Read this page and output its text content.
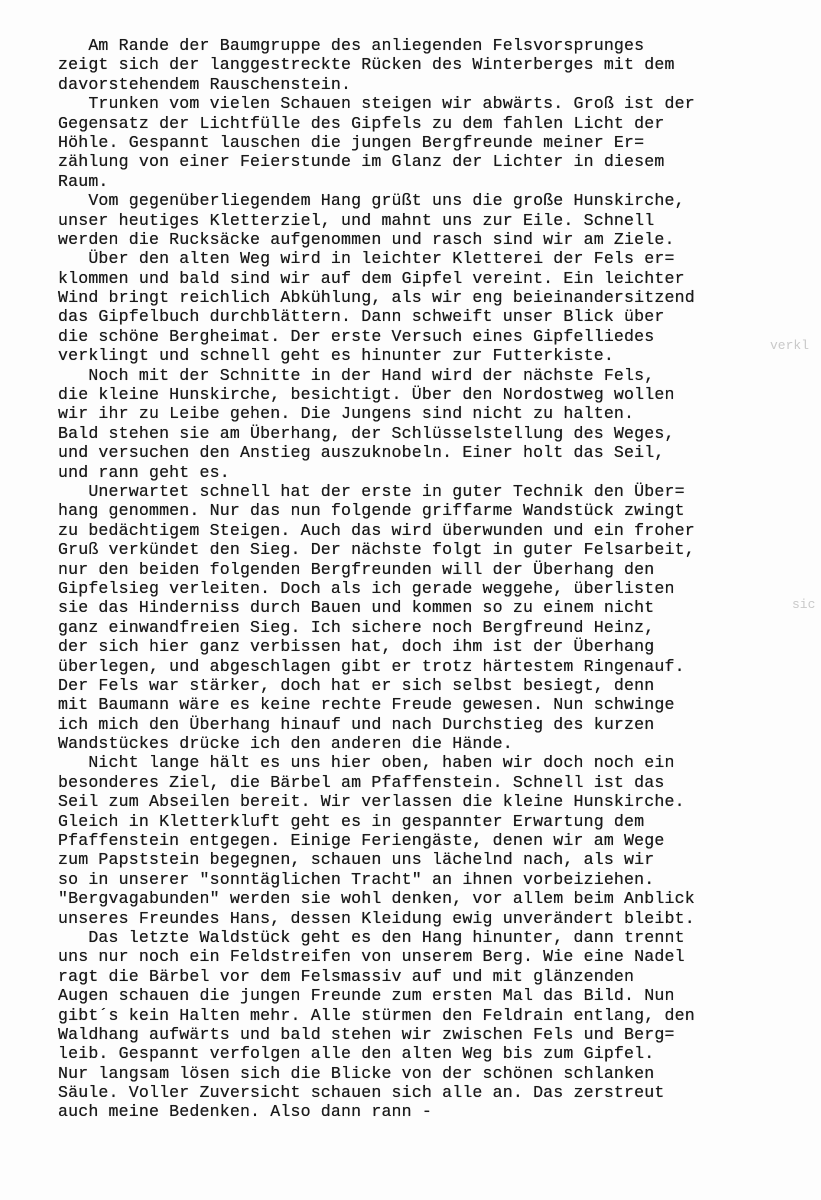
Am Rande der Baumgruppe des anliegenden Felsvorsprunges
zeigt sich der langgestreckte Rücken des Winterberges mit dem
davorstehendem Rauschenstein.
Trunken vom vielen Schauen steigen wir abwärts. Groß ist der
Gegensatz der Lichtfülle des Gipfels zu dem fahlen Licht der
Höhle. Gespannt lauschen die jungen Bergfreunde meiner Er=
zählung von einer Feierstunde im Glanz der Lichter in diesem
Raum.
Vom gegenüberliegendem Hang grüßt uns die große Hunskirche,
unser heutiges Kletterziel, und mahnt uns zur Eile. Schnell
werden die Rucksäcke aufgenommen und rasch sind wir am Ziele.
Über den alten Weg wird in leichter Kletterei der Fels er=
klommen und bald sind wir auf dem Gipfel vereint. Ein leichter
Wind bringt reichlich Abkühlung, als wir eng beieinandersitzend
das Gipfelbuch durchblättern. Dann schweift unser Blick über
die schöne Bergheimat. Der erste Versuch eines Gipfelliedes
verklingt und schnell geht es hinunter zur Futterkiste.
Noch mit der Schnitte in der Hand wird der nächste Fels,
die kleine Hunskirche, besichtigt. Über den Nordostweg wollen
wir ihr zu Leibe gehen. Die Jungens sind nicht zu halten.
Bald stehen sie am Überhang, der Schlüsselstellung des Weges,
und versuchen den Anstieg auszuknobeln. Einer holt das Seil,
und rann geht es.
Unerwartet schnell hat der erste in guter Technik den Über=
hang genommen. Nur das nun folgende griffarme Wandstück zwingt
zu bedächtigem Steigen. Auch das wird überwunden und ein froher
Gruß verkündet den Sieg. Der nächste folgt in guter Felsarbeit,
nur den beiden folgenden Bergfreunden will der Überhang den
Gipfelsieg verleiten. Doch als ich gerade weggehe, überlisten
sie das Hinderniss durch Bauen und kommen so zu einem nicht
ganz einwandfreien Sieg. Ich sichere noch Bergfreund Heinz,
der sich hier ganz verbissen hat, doch ihm ist der Überhang
überlegen, und abgeschlagen gibt er trotz härtestem Ringenauf.
Der Fels war stärker, doch hat er sich selbst besiegt, denn
mit Baumann wäre es keine rechte Freude gewesen. Nun schwinge
ich mich den Überhang hinauf und nach Durchstieg des kurzen
Wandstückes drücke ich den anderen die Hände.
Nicht lange hält es uns hier oben, haben wir doch noch ein
besonderes Ziel, die Bärbel am Pfaffenstein. Schnell ist das
Seil zum Abseilen bereit. Wir verlassen die kleine Hunskirche.
Gleich in Kletterkluft geht es in gespannter Erwartung dem
Pfaffenstein entgegen. Einige Feriengäste, denen wir am Wege
zum Papststein begegnen, schauen uns lächelnd nach, als wir
so in unserer "sonntäglichen Tracht" an ihnen vorbeiziehen.
"Bergvagabunden" werden sie wohl denken, vor allem beim Anblick
unseres Freundes Hans, dessen Kleidung ewig unverändert bleibt.
Das letzte Waldstück geht es den Hang hinunter, dann trennt
uns nur noch ein Feldstreifen von unserem Berg. Wie eine Nadel
ragt die Bärbel vor dem Felsmassiv auf und mit glänzenden
Augen schauen die jungen Freunde zum ersten Mal das Bild. Nun
gibt´s kein Halten mehr. Alle stürmen den Feldrain entlang, den
Waldhang aufwärts und bald stehen wir zwischen Fels und Berg=
leib. Gespannt verfolgen alle den alten Weg bis zum Gipfel.
Nur langsam lösen sich die Blicke von der schönen schlanken
Säule. Voller Zuversicht schauen sich alle an. Das zerstreut
auch meine Bedenken. Also dann rann -
verkl
sic
